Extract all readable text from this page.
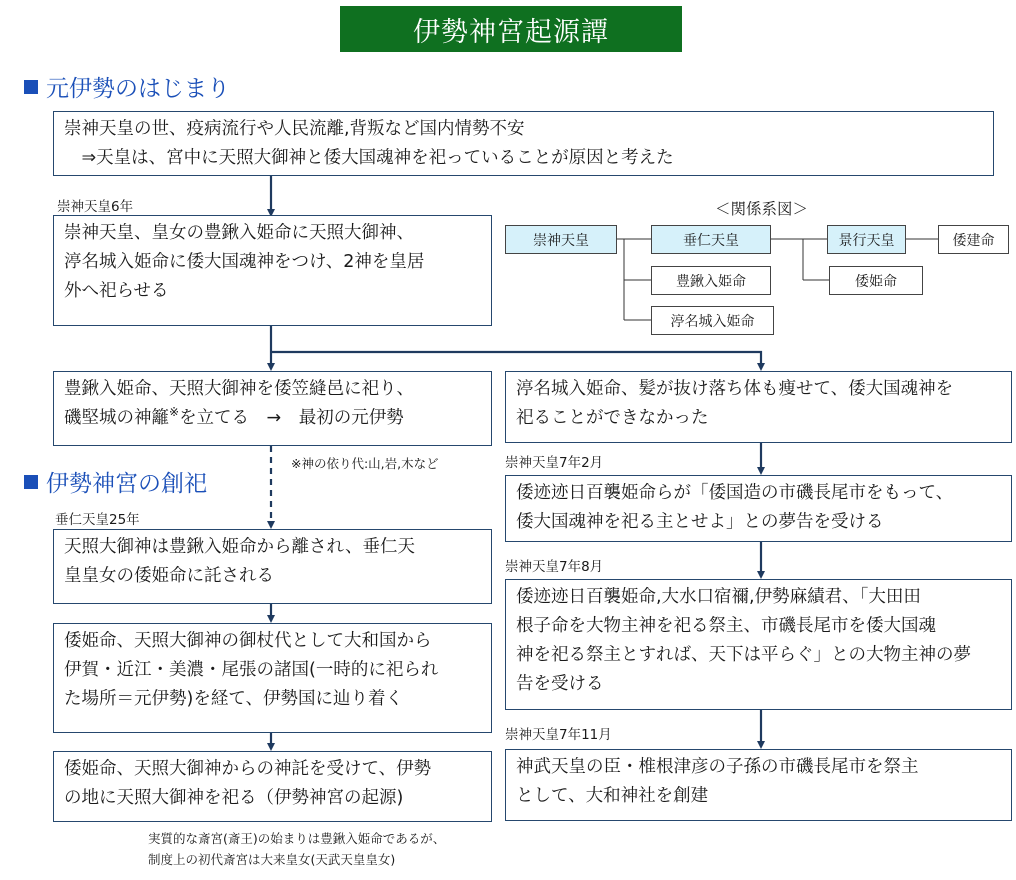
伊勢神宮起源譚
元伊勢のはじまり
崇神天皇の世、疫病流行や人民流離,背叛など国内情勢不安
　⇒天皇は、宮中に天照大御神と倭大国魂神を祀っていることが原因と考えた
崇神天皇6年
崇神天皇、皇女の豊鍬入姫命に天照大御神、
渟名城入姫命に倭大国魂神をつけ、2神を皇居
外へ祀らせる
＜関係系図＞
崇神天皇	垂仁天皇	景行天皇	倭建命
豊鍬入姫命	倭姫命
渟名城入姫命
豊鍬入姫命、天照大御神を倭笠縫邑に祀り、
磯堅城の神籬※を立てる　→　最初の元伊勢
渟名城入姫命、髪が抜け落ち体も痩せて、倭大国魂神を
祀ることができなかった
※神の依り代:山,岩,木など	崇神天皇7年2月
伊勢神宮の創祀	倭迹迹日百襲姫命らが「倭国造の市磯長尾市をもって、
倭大国魂神を祀る主とせよ」との夢告を受ける
垂仁天皇25年
天照大御神は豊鍬入姫命から離され、垂仁天
皇皇女の倭姫命に託される	崇神天皇7年8月
倭迹迹日百襲姫命,大水口宿禰,伊勢麻績君、「大田田
根子命を大物主神を祀る祭主、市磯長尾市を倭大国魂
神を祀る祭主とすれば、天下は平らぐ」との大物主神の夢
告を受ける
倭姫命、天照大御神の御杖代として大和国から
伊賀・近江・美濃・尾張の諸国(一時的に祀られ
た場所＝元伊勢)を経て、伊勢国に辿り着く
崇神天皇7年11月
倭姫命、天照大御神からの神託を受けて、伊勢
の地に天照大御神を祀る（伊勢神宮の起源)
神武天皇の臣・椎根津彦の子孫の市磯長尾市を祭主
として、大和神社を創建
実質的な斎宮(斎王)の始まりは豊鍬入姫命であるが、
制度上の初代斎宮は大来皇女(天武天皇皇女)
